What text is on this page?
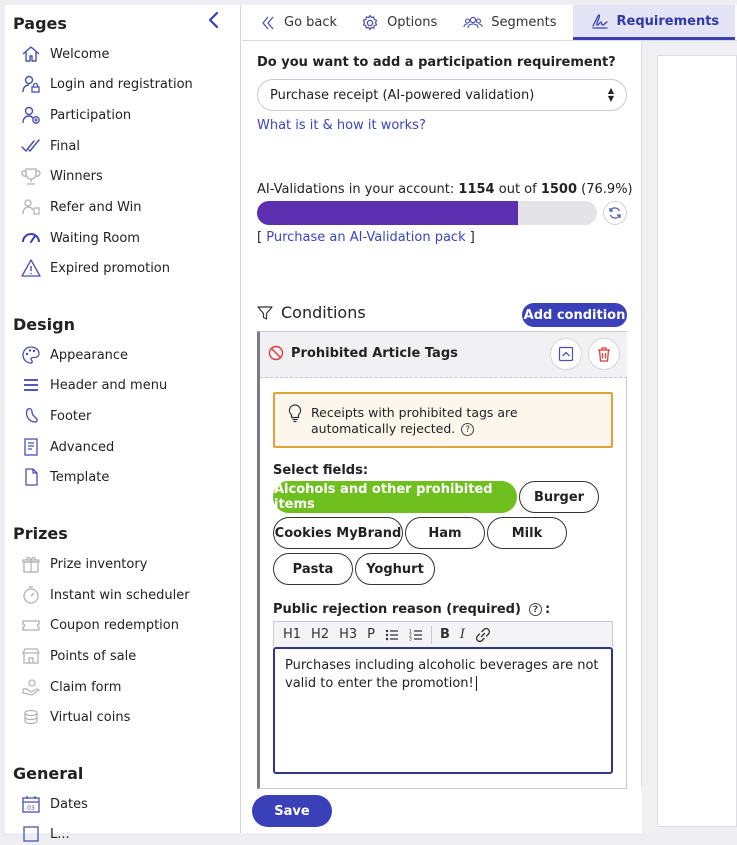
Pages
Welcome
Login and registration
Participation
Final
Winners
Refer and Win
Waiting Room
Expired promotion
Design
Appearance
Header and menu
Footer
Advanced
Template
Prizes
Prize inventory
Instant win scheduler
Coupon redemption
Points of sale
Claim form
Virtual coins
General
03 Dates
L...
Go back	Options	Segments	Requirements
Do you want to add a participation requirement?
Purchase receipt (AI-powered validation)	▲
▼
What is it & how it works?
AI-Validations in your account: 1154 out of 1500 (76.9%)
[ Purchase an AI-Validation pack ]
Conditions	Add condition
Prohibited Article Tags
Receipts with prohibited tags are automatically rejected. ?
Select fields:
Alcohols and other prohibited items	Burger
Cookies MyBrand	Ham	Milk
Pasta	Yoghurt
Public rejection reason (required)	? :
H1 H2 H3 P	1
2
3	B I
Purchases including alcoholic beverages are not valid to enter the promotion!
Save
